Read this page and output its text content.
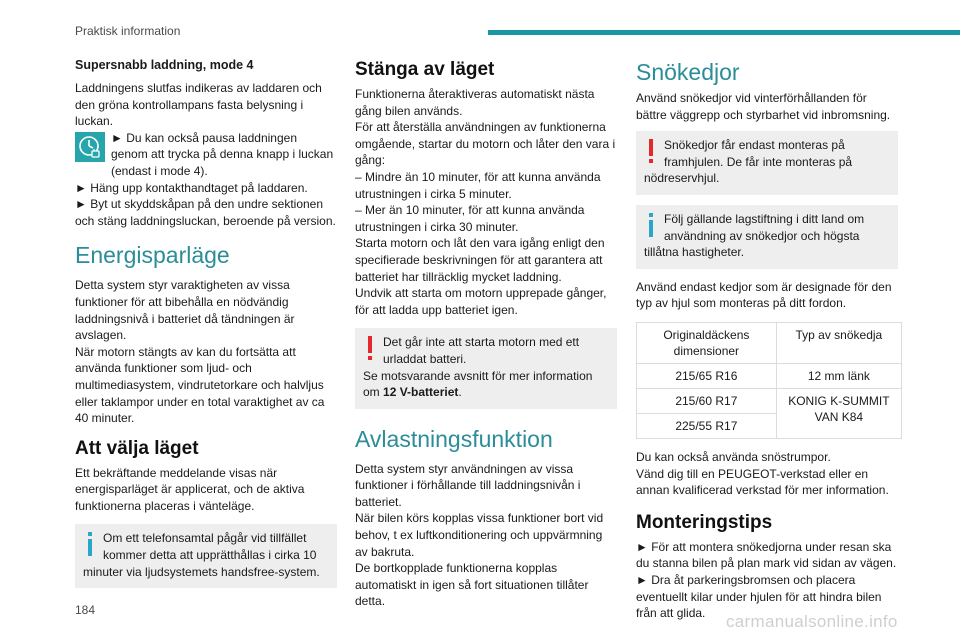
Praktisk information
Supersnabb laddning, mode 4

Laddningens slutfas indikeras av laddaren och den gröna kontrollampans fasta belysning i luckan.

► Du kan också pausa laddningen genom att trycka på denna knapp i luckan (endast i mode 4).

► Häng upp kontakthandtaget på laddaren.

► Byt ut skyddskåpan på den undre sektionen och stäng laddningsluckan, beroende på version.

Energisparläge

Detta system styr varaktigheten av vissa funktioner för att bibehålla en nödvändig laddningsnivå i batteriet då tändningen är avslagen.

När motorn stängts av kan du fortsätta att använda funktioner som ljud- och multimediasystem, vindrutetorkare och halvljus eller taklampor under en total varaktighet av ca 40 minuter.

Att välja läget

Ett bekräftande meddelande visas när energisparläget är applicerat, och de aktiva funktionerna placeras i vänteläge.

Om ett telefonsamtal pågår vid tillfället kommer detta att upprätthållas i cirka 10 minuter via ljudsystemets handsfree-system.
Stänga av läget

Funktionerna återaktiveras automatiskt nästa gång bilen används.

För att återställa användningen av funktionerna omgående, startar du motorn och låter den vara i gång:

– Mindre än 10 minuter, för att kunna använda utrustningen i cirka 5 minuter.

– Mer än 10 minuter, för att kunna använda utrustningen i cirka 30 minuter.

Starta motorn och låt den vara igång enligt den specifierade beskrivningen för att garantera att batteriet har tillräcklig mycket laddning.

Undvik att starta om motorn upprepade gånger, för att ladda upp batteriet igen.

Det går inte att starta motorn med ett urladdat batteri.
Se motsvarande avsnitt för mer information om 12 V-batteriet.
Avlastningsfunktion

Detta system styr användningen av vissa funktioner i förhållande till laddningsnivån i batteriet.

När bilen körs kopplas vissa funktioner bort vid behov, t ex luftkonditionering och uppvärmning av bakruta.

De bortkopplade funktionerna kopplas automatiskt in igen så fort situationen tillåter detta.

Snökedjor

Använd snökedjor vid vinterförhållanden för bättre väggrepp och styrbarhet vid inbromsning.

Snökedjor får endast monteras på framhjulen. De får inte monteras på nödreservhjul.
Följ gällande lagstiftning i ditt land om användning av snökedjor och högsta tillåtna hastigheter.

Använd endast kedjor som är designade för den typ av hjul som monteras på ditt fordon.

Originaldäckens dimensioner	Typ av snökedja
215/65 R16	12 mm länk
215/60 R17	KONIG K-SUMMIT VAN K84
225/55 R17	

Du kan också använda snöstrumpor.

Vänd dig till en PEUGEOT-verkstad eller en annan kvalificerad verkstad för mer information.

Monteringstips

► För att montera snökedjorna under resan ska du stanna bilen på plan mark vid sidan av vägen.

► Dra åt parkeringsbromsen och placera eventuellt kilar under hjulen för att hindra bilen från att glida.

184
carmanualsonline.info
